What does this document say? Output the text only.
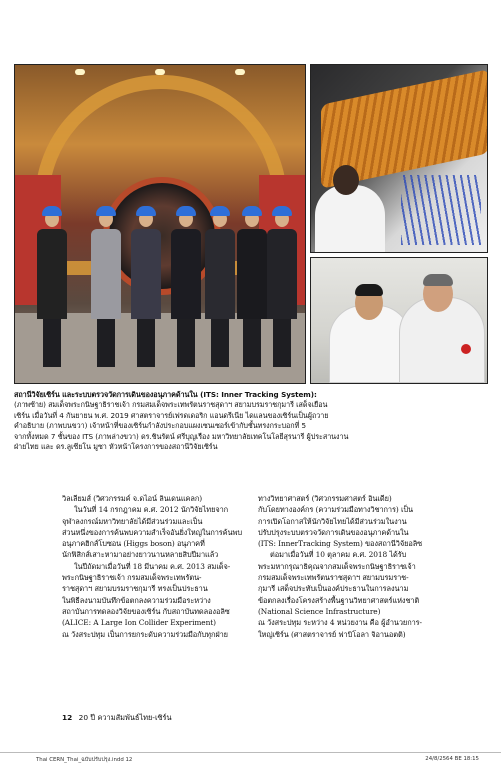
สถานีวิจัยเซิร์น และระบบตรวจวัดการเดินของอนุภาคด้านใน (ITS: Inner Tracking System):
(ภาพซ้าย) สมเด็จพระกนิษฐาธิราชเจ้า กรมสมเด็จพระเทพรัตนราชสุดาฯ สยามบรมราชกุมารี เสด็จเยือน
เซิร์น เมื่อวันที่ 4 กันยายน พ.ศ. 2019 ศาสตราจารย์เฟรดเดอริก แอนดรีเนีย ไดแลนของเซิร์นเป็นผู้ถวาย
คำอธิบาย (ภาพบนขวา) เจ้าหน้าที่ของเซิร์นกำลังประกอบแผงเซนเซอร์เข้ากับชั้นทรงกระบอกที่ 5
จากทั้งหมด 7 ชั้นของ ITS (ภาพล่างขวา) ดร.ชินรัตน์ ศรีบุญเรือง มหาวิทยาลัยเทคโนโลยีสุรนารี ผู้ประสานงาน
ฝ่ายไทย และ ดร.ลูเซียโน มูซา หัวหน้าโครงการของสถานีวิจัยเซิร์น

วิลเลียมส์ (วิศวกรรมค์ จ.ดไอน์ ลินเดนแคลก)

ในวันที่ 14 กรกฎาคม ค.ศ. 2012 นักวิจัยไทยจาก

จุฬาลงกรณ์มหาวิทยาลัยได้มีส่วนร่วมและเป็น

ส่วนหนึ่งของการค้นพบความสำเร็จอันยิ่งใหญ่ในการค้นพบ

อนุภาคฮิกส์โบซอน (Higgs boson) อนุภาคที่

นักฟิสิกส์เสาะหามาอย่างยาวนานหลายสิบปีมาแล้ว

ในปีถัดมาเมื่อวันที่ 18 มีนาคม ค.ศ. 2013 สมเด็จ-

พระกนิษฐาธิราชเจ้า กรมสมเด็จพระเทพรัตน-

ราชสุดาฯ สยามบรมราชกุมารี ทรงเป็นประธาน

ในพิธีลงนามบันทึกข้อตกลงความร่วมมือระหว่าง

สถาบันการทดลองวิจัยของเซิร์น กับสถาบันทดลองอลิซ

(ALICE: A Large Ion Collider Experiment)

ณ วังสระปทุม เป็นการยกระดับความร่วมมือกับทุกฝ่าย

ทางวิทยาศาสตร์ (วิศวกรรมศาสตร์ อินเดีย)

กับโดยทางองค์กร (ความร่วมมือทางวิชาการ) เป็น

การเปิดโอกาสให้นักวิจัยไทยได้มีส่วนร่วมในงาน

ปรับปรุงระบบตรวจวัดการเดินของอนุภาคด้านใน

(ITS: InnerTracking System) ของสถานีวิจัยอลิซ

ต่อมาเมื่อวันที่ 10 ตุลาคม ค.ศ. 2018 ได้รับ

พระมหากรุณาธิคุณจากสมเด็จพระกนิษฐาธิราชเจ้า

กรมสมเด็จพระเทพรัตนราชสุดาฯ สยามบรมราช-

กุมารี เสด็จประทับเป็นองค์ประธานในการลงนาม

ข้อตกลงเรื่องโครงสร้างพื้นฐานวิทยาศาสตร์แห่งชาติ

(National Science Infrastructure)

ณ วังสระปทุม ระหว่าง 4 หน่วยงาน คือ ผู้อำนวยการ-

ใหญ่เซิร์น (ศาสตราจารย์ ฟาบิโอลา จิอานอตติ)

12 20 ปี ความสัมพันธ์ไทย-เซิร์น
Thai CERN_Thai_ฉบับปรับปรุง.indd 12	24/8/2564 BE 18:15
